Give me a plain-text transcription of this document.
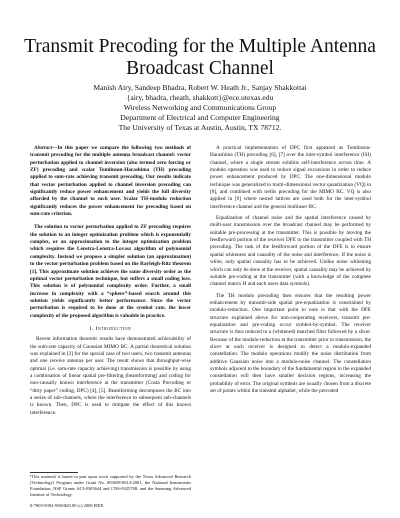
Transmit Precoding for the Multiple Antenna
Broadcast Channel
Manish Airy, Sandeep Bhadra, Robert W. Heath Jr., Sanjay Shakkottai
{airy, bhadra, rheath, shakkott}@ece.utexas.edu
Wireless Networking and Communications Group
Department of Electrical and Computer Engineering
The University of Texas at Austin, Austin, TX 78712.

Abstract—In this paper we compare the following two methods of transmit precoding for the multiple antenna broadcast channel: vector perturbation applied to channel inversion (also termed zero forcing or ZF) precoding and scalar Tomlinson-Harashima (TH) precoding applied to sum-rate achieving transmit precoding. Our results indicate that vector perturbation applied to channel inversion precoding can significantly reduce power enhancement and yields the full diversity afforded by the channel to each user. Scalar TH-modulo reduction significantly reduces the power enhancement for precoding based on sum-rate criterion.

The solution to vector perturbation applied to ZF precoding requires the solution to an integer optimization problem which is exponentially complex, or an approximation to the integer optimization problem which requires the Lenstra-Lenstra-Lovasz algorithm of polynomial complexity. Instead we propose a simpler solution (an approximation) to the vector perturbation problem based on the Rayleigh-Ritz theorem [1]. This approximate solution achieves the same diversity order as the optimal vector perturbation technique, but suffers a small coding loss. This solution is of polynomial complexity order. Further, a small increase in complexity with a “sphere”-based search around this solution yields significantly better performance. Since the vector perturbation is required to be done at the symbol rate, the lower complexity of the proposed algorithm is valuable in practice.

I. Introduction

Recent information theoretic results have demonstrated achievability of the sum-rate capacity of Gaussian MIMO BC. A partial theoretical solution was explained in [3] for the special case of two users, two transmit antennas and one receive antenna per user. The result shows that throughput-wise optimal (i.e. sum-rate capacity achieving) transmission is possible by using a combination of linear spatial pre-filtering (beamforming) and coding for non-causally known interference at the transmitter (Costa Precoding or “dirty paper” coding, DPC) [4], [5]. Beamforming decomposes the BC into a series of sub-channels, where the interference to subsequent sub-channels is known. Then, DPC is used to mitigate the effect of this known interference.

¹This material is based in part upon work supported by the Texas Advanced Research (Technology) Program under Grant No. 003658-0614-2001, the National Instruments Foundation, NSF Grants ACI-0305644 and CNS-0325788, and the Samsung Advanced Institute of Technology.

A practical implementation of DPC first appeared as Tomlinson-Harashima (TH) precoding [6], [7] over the inter-symbol interference (ISI) channel, where a single stream exhibits self-interference across time. A modulo operation was used to reduce signal excursions in order to reduce power enhancement produced by DPC. The one-dimensional modulo technique was generalized to multi-dimensional vector quantization (VQ) in [8], and combined with trellis precoding for the MIMO BC. VQ is also applied in [9] where nested lattices are used both for the inter-symbol interference channel and the general multiuser BC.

Equalization of channel noise and the spatial interference caused by multi-user transmission over the broadcast channel may be performed by suitable pre-processing at the transmitter. This is possible by moving the feedforward portion of the receiver DFE to the transmitter coupled with TH precoding. The task of the feedforward portion of the DFE is to ensure spatial whiteness and causality of the noise and interference. If the noise is white, only spatial causality has to be achieved. Unlike noise whitening which can only be done at the receiver, spatial causality may be achieved by suitable pre-coding at the transmitter (with a knowledge of the complete channel matrix H and each users data symbols).

The TH modulo precoding then ensures that the resulting power enhancement by transmit-side spatial pre-equalization is constrained by modulo-reduction. One important point to note is that with the DFE structure explained above for non-cooperating receivers, transmit pre-equalization and pre-coding occur symbol-by-symbol. The receiver structure is thus reduced to a (whitened) matched filter followed by a slicer. Because of the modulo-reduction at the transmitter prior to transmission, the slicer at each receiver is designed to detect a modulo-expanded constellation. The modulo operations modify the noise distribution from additive Gaussian noise into a modulo-noise channel. The constellation symbols adjacent to the boundary of the fundamental region in the expanded constellation will then have smaller decision regions, increasing the probability of error. The original symbols are usually chosen from a discrete set of points within the transmit alphabet, while the precoded

0-7803-9392-9/06/$20.00 (c) 2006 IEEE
